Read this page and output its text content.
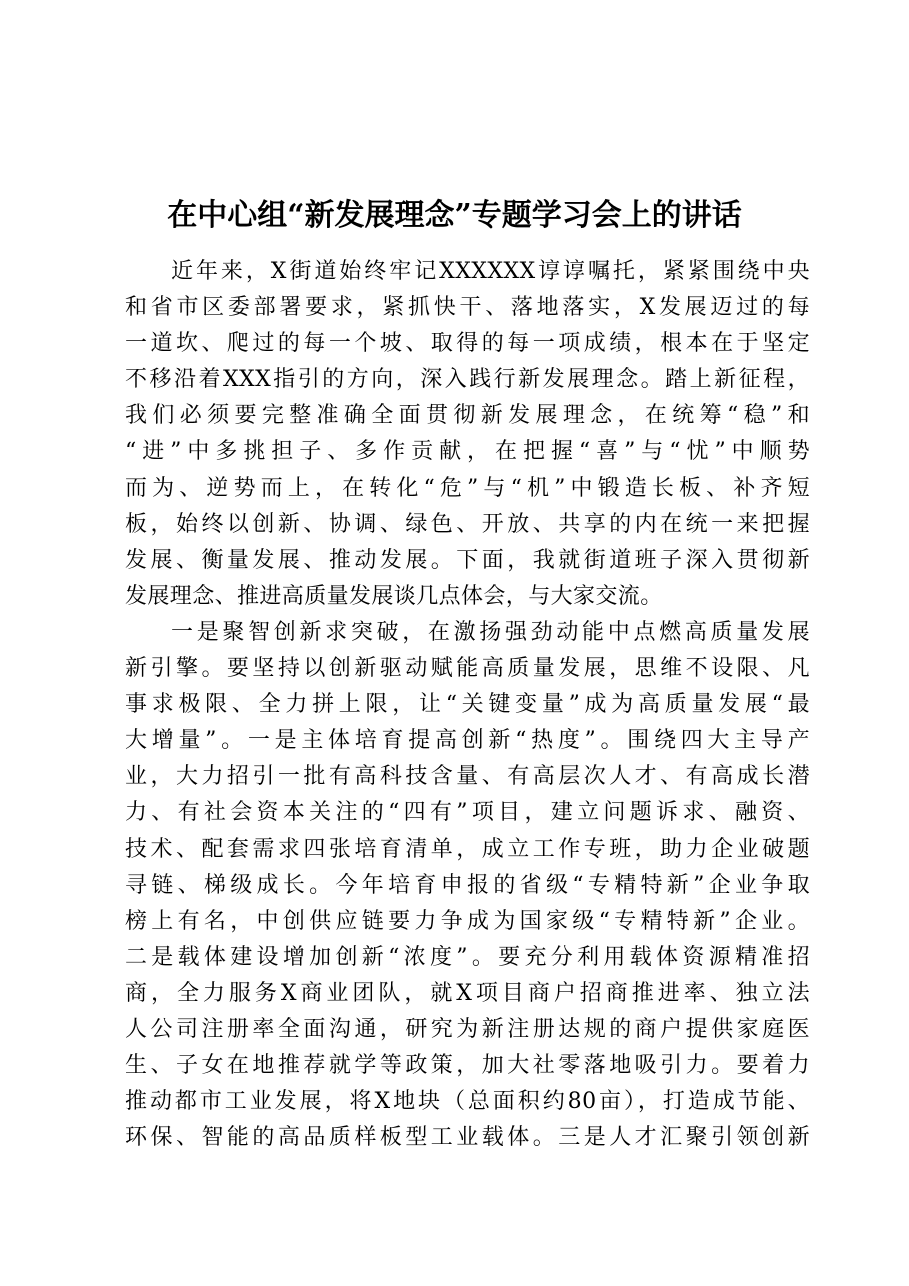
在中心组“新发展理念”专题学习会上的讲话
近年来，X街道始终牢记XXXXXX谆谆嘱托，紧紧围绕中央
和省市区委部署要求，紧抓快干、落地落实，X发展迈过的每
一道坎、爬过的每一个坡、取得的每一项成绩，根本在于坚定
不移沿着XXX指引的方向，深入践行新发展理念。踏上新征程，
我们必须要完整准确全面贯彻新发展理念，在统筹“稳”和
“进”中多挑担子、多作贡献，在把握“喜”与“忧”中顺势
而为、逆势而上，在转化“危”与“机”中锻造长板、补齐短
板，始终以创新、协调、绿色、开放、共享的内在统一来把握
发展、衡量发展、推动发展。下面，我就街道班子深入贯彻新
发展理念、推进高质量发展谈几点体会，与大家交流。
一是聚智创新求突破，在激扬强劲动能中点燃高质量发展
新引擎。要坚持以创新驱动赋能高质量发展，思维不设限、凡
事求极限、全力拼上限，让“关键变量”成为高质量发展“最
大增量”。一是主体培育提高创新“热度”。围绕四大主导产
业，大力招引一批有高科技含量、有高层次人才、有高成长潜
力、有社会资本关注的“四有”项目，建立问题诉求、融资、
技术、配套需求四张培育清单，成立工作专班，助力企业破题
寻链、梯级成长。今年培育申报的省级“专精特新”企业争取
榜上有名，中创供应链要力争成为国家级“专精特新”企业。
二是载体建设增加创新“浓度”。要充分利用载体资源精准招
商，全力服务X商业团队，就X项目商户招商推进率、独立法
人公司注册率全面沟通，研究为新注册达规的商户提供家庭医
生、子女在地推荐就学等政策，加大社零落地吸引力。要着力
推动都市工业发展，将X地块（总面积约80亩），打造成节能、
环保、智能的高品质样板型工业载体。三是人才汇聚引领创新
